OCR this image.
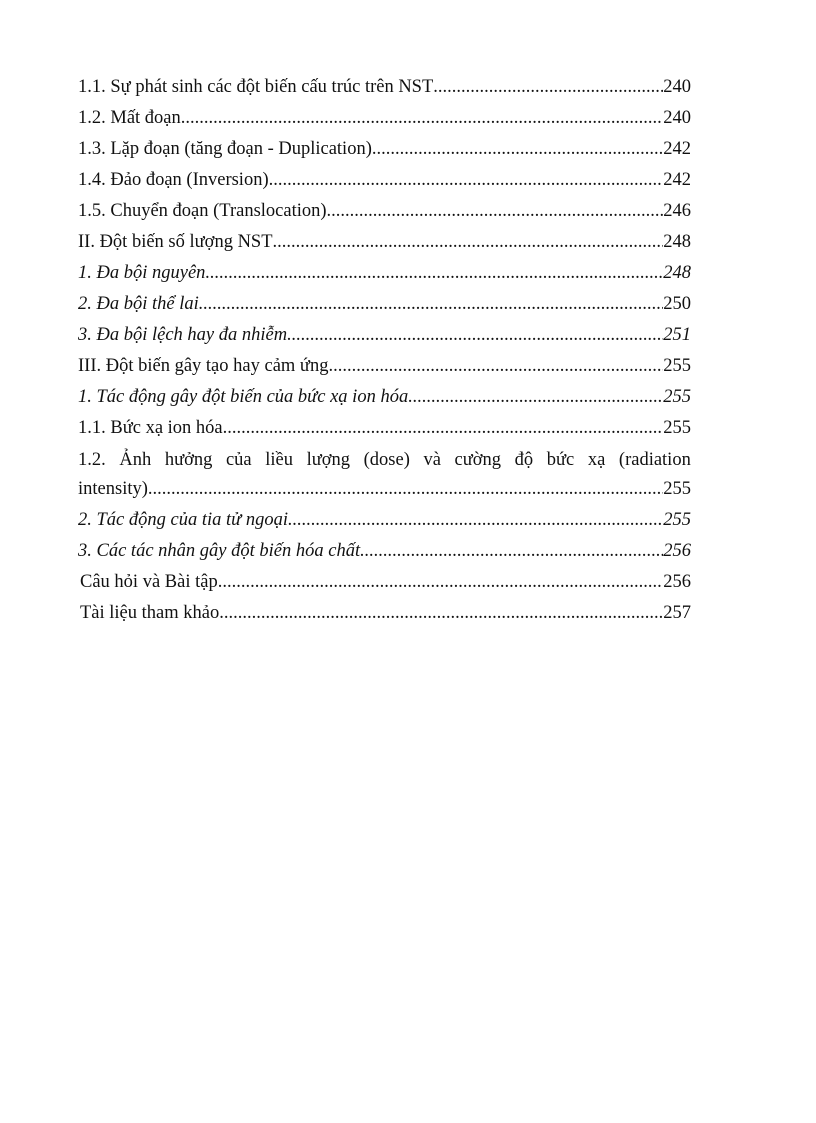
1.1. Sự phát sinh các đột biến cấu trúc trên NST .....	240
1.2. Mất đoạn .....	240
1.3. Lặp đoạn (tăng đoạn - Duplication) .....	242
1.4. Đảo đoạn (Inversion) .....	242
1.5. Chuyển đoạn (Translocation) .....	246
II. Đột biến số lượng NST .....	248
1. Đa bội nguyên .....	248
2. Đa bội thể lai .....	250
3. Đa bội lệch hay đa nhiễm .....	251
III. Đột biến gây tạo hay cảm ứng .....	255
1. Tác động gây đột biến của bức xạ ion hóa .....	255
1.1. Bức xạ ion hóa .....	255
1.2. Ảnh hưởng của liều lượng (dose) và cường độ bức xạ (radiation
intensity) .....	255
2. Tác động của tia tử ngoại .....	255
3. Các tác nhân gây đột biến hóa chất .....	256
Câu hỏi và Bài tập .....	256
Tài liệu tham khảo .....	257
